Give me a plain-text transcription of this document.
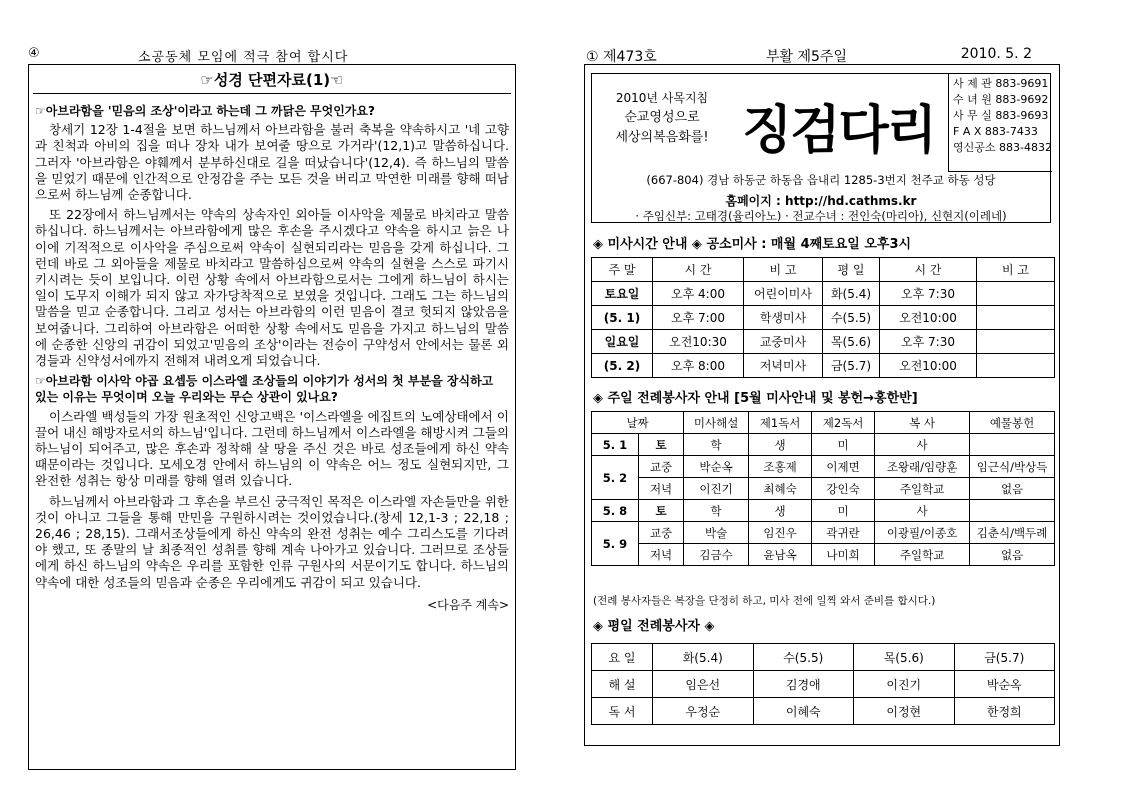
④	소공동체 모임에 적극 참여 합시다
☞성경 단편자료(1)☜
☞아브라함을 '믿음의 조상'이라고 하는데 그 까닭은 무엇인가요?

창세기 12장 1-4절을 보면 하느님께서 아브라함을 불러 축복을 약속하시고 '네 고향과 친척과 아비의 집을 떠나 장차 내가 보여줄 땅으로 가거라'(12,1)고 말씀하십니다. 그러자 '아브라함은 야훼께서 분부하신대로 길을 떠났습니다'(12,4). 즉 하느님의 말씀을 믿었기 때문에 인간적으로 안정감을 주는 모든 것을 버리고 막연한 미래를 향해 떠남으로써 하느님께 순종합니다.

또 22장에서 하느님께서는 약속의 상속자인 외아들 이사악을 제물로 바치라고 말씀하십니다. 하느님께서는 아브라함에게 많은 후손을 주시겠다고 약속을 하시고 늙은 나이에 기적적으로 이사악을 주심으로써 약속이 실현되리라는 믿음을 갖게 하십니다. 그런데 바로 그 외아들을 제물로 바치라고 말씀하심으로써 약속의 실현을 스스로 파기시키시려는 듯이 보입니다. 이런 상황 속에서 아브라함으로서는 그에게 하느님이 하시는 일이 도무지 이해가 되지 않고 자가당착적으로 보였을 것입니다. 그래도 그는 하느님의 말씀을 믿고 순종합니다. 그리고 성서는 아브라함의 이런 믿음이 결코 헛되지 않았음을 보여줍니다. 그리하여 아브라함은 어떠한 상황 속에서도 믿음을 가지고 하느님의 말씀에 순종한 신앙의 귀감이 되었고'믿음의 조상'이라는 전승이 구약성서 안에서는 물론 외경들과 신약성서에까지 전해져 내려오게 되었습니다.

☞아브라함 이사악 야곱 요셉등 이스라엘 조상들의 이야기가 성서의 첫 부분을 장식하고 있는 이유는 무엇이며 오늘 우리와는 무슨 상관이 있나요?

이스라엘 백성들의 가장 원초적인 신앙고백은 '이스라엘을 에집트의 노예상태에서 이끌어 내신 해방자로서의 하느님'입니다. 그런데 하느님께서 이스라엘을 해방시켜 그들의 하느님이 되어주고, 많은 후손과 정착해 살 땅을 주신 것은 바로 성조들에게 하신 약속 때문이라는 것입니다. 모세오경 안에서 하느님의 이 약속은 어느 정도 실현되지만, 그 완전한 성취는 항상 미래를 향해 열려 있습니다.

하느님께서 아브라함과 그 후손을 부르신 궁극적인 목적은 이스라엘 자손들만을 위한 것이 아니고 그들을 통해 만민을 구원하시려는 것이었습니다.(창세 12,1-3 ; 22,18 ; 26,46 ; 28,15). 그래서조상들에게 하신 약속의 완전 성취는 예수 그리스도를 기다려야 했고, 또 종말의 날 최종적인 성취를 향해 계속 나아가고 있습니다. 그러므로 조상들에게 하신 하느님의 약속은 우리를 포함한 인류 구원사의 서문이기도 합니다. 하느님의 약속에 대한 성조들의 믿음과 순종은 우리에게도 귀감이 되고 있습니다.

<다음주 계속>
① 제473호	부활 제5주일	2010. 5. 2
2010년 사목지침
순교영성으로
세상의복음화를! 징검다리
사 제 관 883-9691
수 녀 원 883-9692
사 무 실 883-9693
F A X 883-7433
영신공소 883-4832
(667-804) 경남 하동군 하동읍 읍내리 1285-3번지 천주교 하동 성당
홈페이지 : http://hd.cathms.kr
· 주임신부: 고태경(율리아노) · 전교수녀 : 전인숙(마리아), 신현지(이레네)
◈ 미사시간 안내 ◈ 공소미사 : 매월 4째토요일 오후3시
주 말	시 간	비 고	평 일	시 간	비 고
토요일	오후 4:00	어린이미사	화(5.4)	오후 7:30	
(5. 1)	오후 7:00	학생미사	수(5.5)	오전10:00	
일요일	오전10:30	교중미사	목(5.6)	오후 7:30	
(5. 2)	오후 8:00	저녁미사	금(5.7)	오전10:00	
◈ 주일 전례봉사자 안내 [5월 미사안내 및 봉헌→홍한반]
날짜		미사해설	제1독서	제2독서	복 사	예물봉헌
5. 1	토	학	생	미	사	
5. 2	교중	박순옥	조홍제	이제면	조왕래/임량훈	임근식/박상득
	저녁	이진기	최혜숙	강인숙	주일학교	없음
5. 8	토	학	생	미	사	
5. 9	교중	박술	임진우	곽귀란	이광필/이종호	김춘식/백두례
	저녁	김금수	윤남옥	나미희	주일학교	없음
(전례 봉사자들은 복장을 단정히 하고, 미사 전에 일찍 와서 준비를 합시다.)
◈ 평일 전례봉사자 ◈
요 일	화(5.4)	수(5.5)	목(5.6)	금(5.7)
해 설	임은선	김경애	이진기	박순옥
독 서	우정순	이혜숙	이정현	한정희
